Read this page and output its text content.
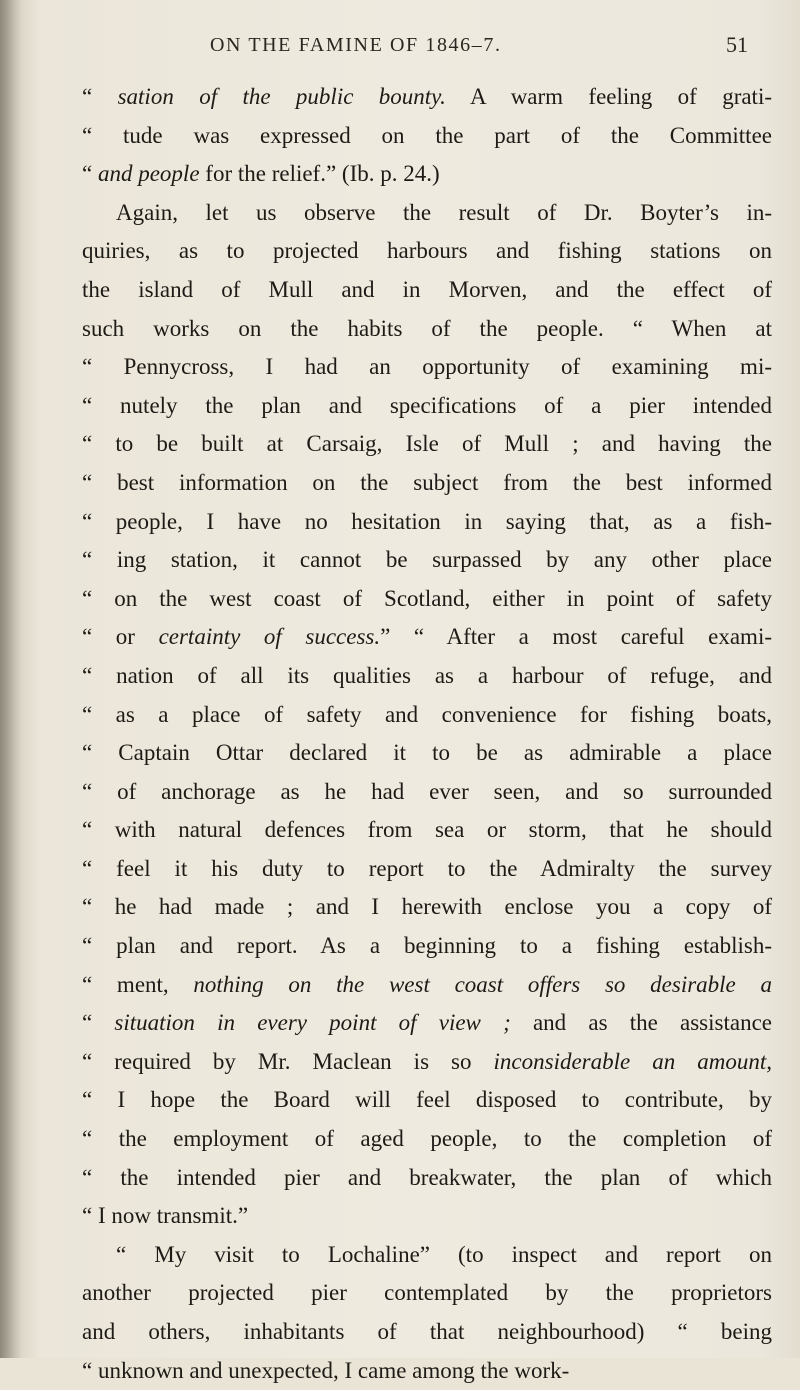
ON THE FAMINE OF 1846–7.	51
“ sation of the public bounty. A warm feeling of grati-
“ tude was expressed on the part of the Committee
“ and people for the relief.” (Ib. p. 24.)
Again, let us observe the result of Dr. Boyter’s in-
quiries, as to projected harbours and fishing stations on
the island of Mull and in Morven, and the effect of
such works on the habits of the people. “ When at
“ Pennycross, I had an opportunity of examining mi-
“ nutely the plan and specifications of a pier intended
“ to be built at Carsaig, Isle of Mull ; and having the
“ best information on the subject from the best informed
“ people, I have no hesitation in saying that, as a fish-
“ ing station, it cannot be surpassed by any other place
“ on the west coast of Scotland, either in point of safety
“ or certainty of success.” “ After a most careful exami-
“ nation of all its qualities as a harbour of refuge, and
“ as a place of safety and convenience for fishing boats,
“ Captain Ottar declared it to be as admirable a place
“ of anchorage as he had ever seen, and so surrounded
“ with natural defences from sea or storm, that he should
“ feel it his duty to report to the Admiralty the survey
“ he had made ; and I herewith enclose you a copy of
“ plan and report. As a beginning to a fishing establish-
“ ment, nothing on the west coast offers so desirable a
“ situation in every point of view ; and as the assistance
“ required by Mr. Maclean is so inconsiderable an amount,
“ I hope the Board will feel disposed to contribute, by
“ the employment of aged people, to the completion of
“ the intended pier and breakwater, the plan of which
“ I now transmit.”
“ My visit to Lochaline” (to inspect and report on
another projected pier contemplated by the proprietors
and others, inhabitants of that neighbourhood) “ being
“ unknown and unexpected, I came among the work-
